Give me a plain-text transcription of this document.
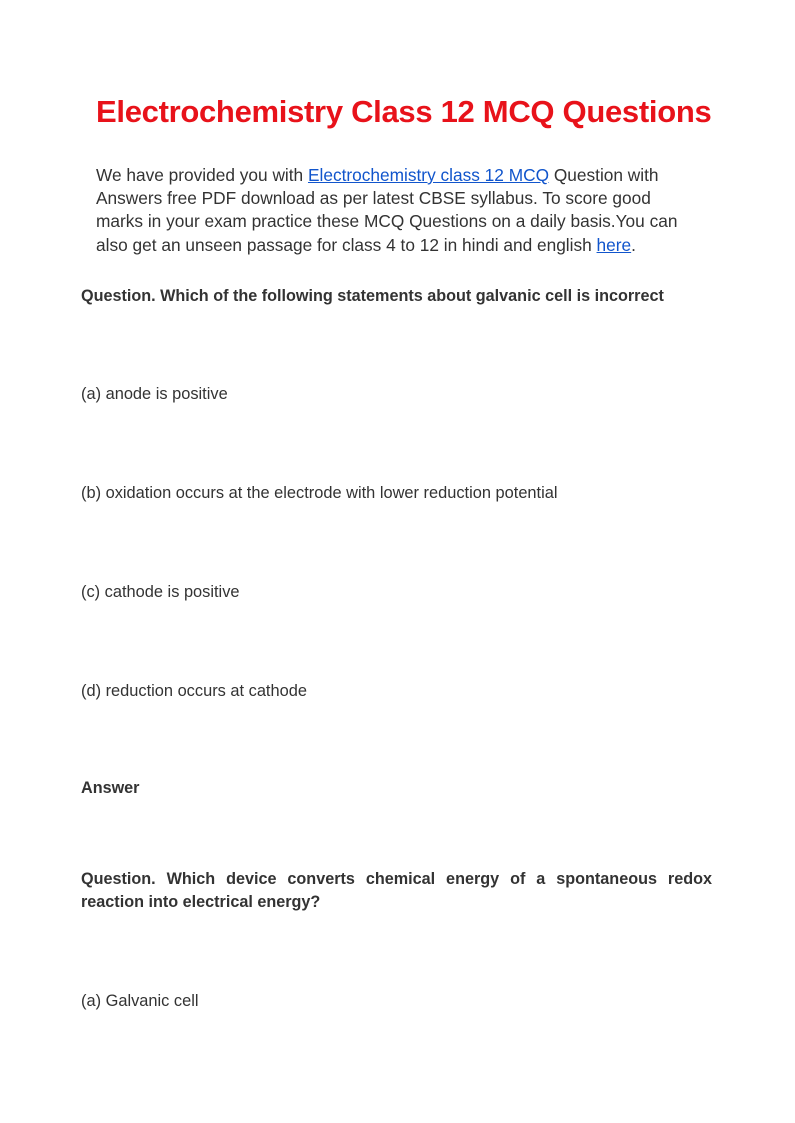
Electrochemistry Class 12 MCQ Questions

We have provided you with Electrochemistry class 12 MCQ Question with Answers free PDF download as per latest CBSE syllabus. To score good marks in your exam practice these MCQ Questions on a daily basis.You can also get an unseen passage for class 4 to 12 in hindi and english here.

Question. Which of the following statements about galvanic cell is incorrect

(a) anode is positive

(b) oxidation occurs at the electrode with lower reduction potential

(c) cathode is positive

(d) reduction occurs at cathode

Answer

Question. Which device converts chemical energy of a spontaneous redox reaction into electrical energy?

(a) Galvanic cell
